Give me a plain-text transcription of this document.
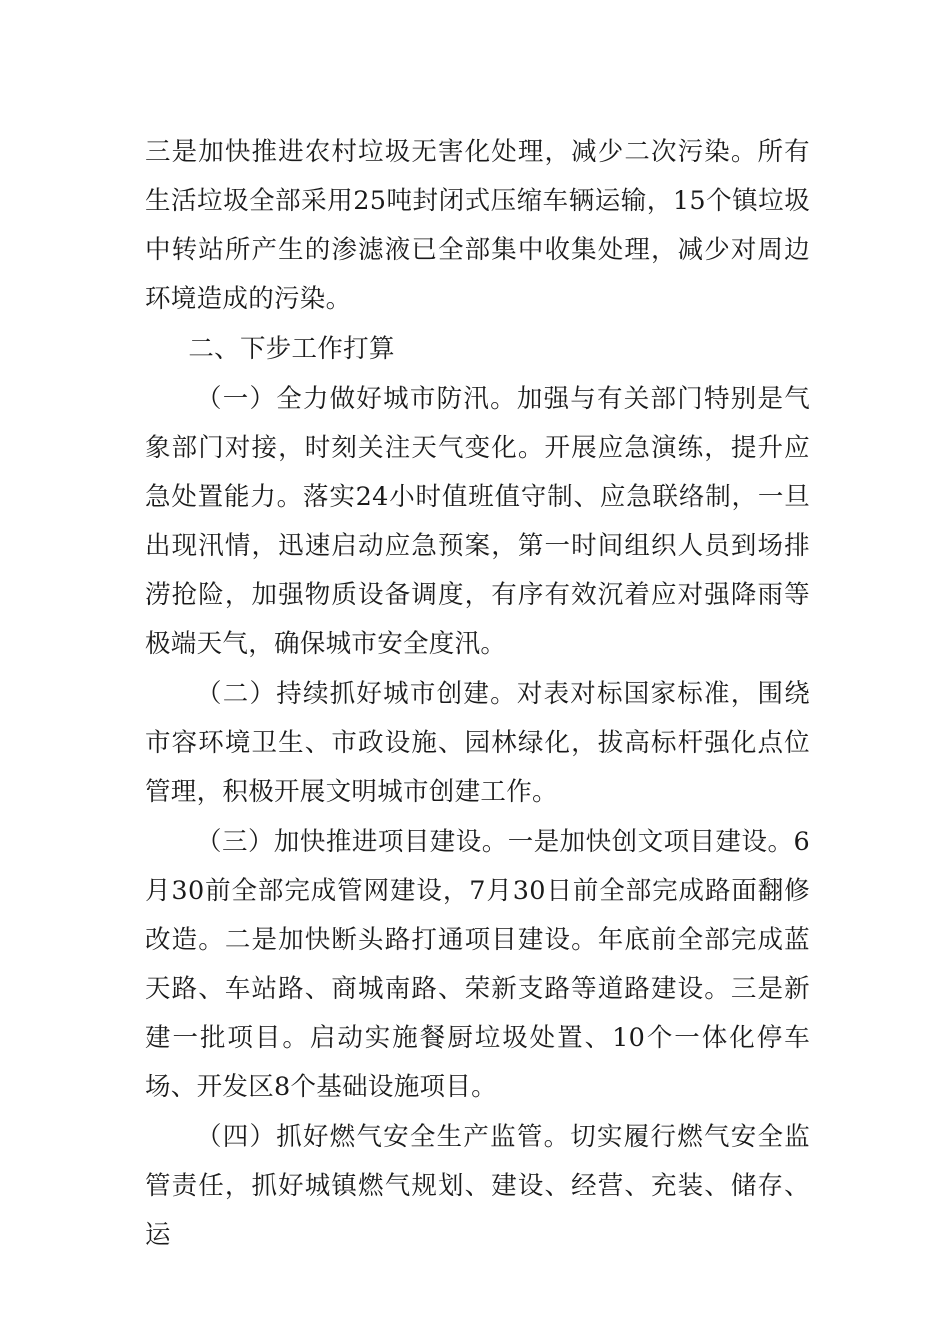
三是加快推进农村垃圾无害化处理，减少二次污染。所有生活垃圾全部采用25吨封闭式压缩车辆运输，15个镇垃圾中转站所产生的渗滤液已全部集中收集处理，减少对周边环境造成的污染。

二、下步工作打算

（一）全力做好城市防汛。加强与有关部门特别是气象部门对接，时刻关注天气变化。开展应急演练，提升应急处置能力。落实24小时值班值守制、应急联络制，一旦出现汛情，迅速启动应急预案，第一时间组织人员到场排涝抢险，加强物质设备调度，有序有效沉着应对强降雨等极端天气，确保城市安全度汛。

（二）持续抓好城市创建。对表对标国家标准，围绕市容环境卫生、市政设施、园林绿化，拔高标杆强化点位管理，积极开展文明城市创建工作。

（三）加快推进项目建设。一是加快创文项目建设。6月30前全部完成管网建设，7月30日前全部完成路面翻修改造。二是加快断头路打通项目建设。年底前全部完成蓝天路、车站路、商城南路、荣新支路等道路建设。三是新建一批项目。启动实施餐厨垃圾处置、10个一体化停车场、开发区8个基础设施项目。

（四）抓好燃气安全生产监管。切实履行燃气安全监管责任，抓好城镇燃气规划、建设、经营、充装、储存、运
